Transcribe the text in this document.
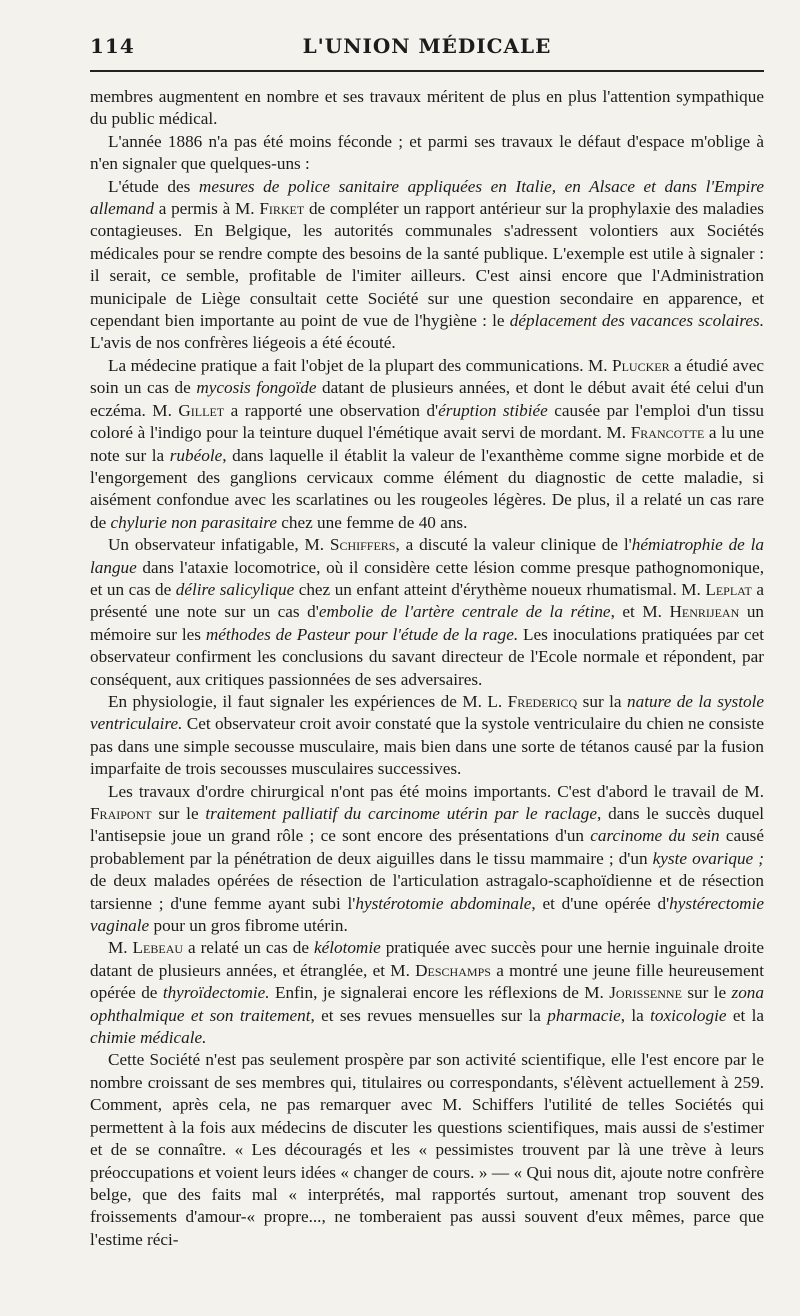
114	L'UNION MÉDICALE

membres augmentent en nombre et ses travaux méritent de plus en plus l'attention sympathique du public médical.

L'année 1886 n'a pas été moins féconde ; et parmi ses travaux le défaut d'espace m'oblige à n'en signaler que quelques-uns :

L'étude des mesures de police sanitaire appliquées en Italie, en Alsace et dans l'Empire allemand a permis à M. Firket de compléter un rapport antérieur sur la prophylaxie des maladies contagieuses. En Belgique, les autorités communales s'adressent volontiers aux Sociétés médicales pour se rendre compte des besoins de la santé publique. L'exemple est utile à signaler : il serait, ce semble, profitable de l'imiter ailleurs. C'est ainsi encore que l'Administration municipale de Liège consultait cette Société sur une question secondaire en apparence, et cependant bien importante au point de vue de l'hygiène : le déplacement des vacances scolaires. L'avis de nos confrères liégeois a été écouté.

La médecine pratique a fait l'objet de la plupart des communications. M. Plucker a étudié avec soin un cas de mycosis fongoïde datant de plusieurs années, et dont le début avait été celui d'un eczéma. M. Gillet a rapporté une observation d'éruption stibiée causée par l'emploi d'un tissu coloré à l'indigo pour la teinture duquel l'émétique avait servi de mordant. M. Francotte a lu une note sur la rubéole, dans laquelle il établit la valeur de l'exanthème comme signe morbide et de l'engorgement des ganglions cervicaux comme élément du diagnostic de cette maladie, si aisément confondue avec les scarlatines ou les rougeoles légères. De plus, il a relaté un cas rare de chylurie non parasitaire chez une femme de 40 ans.

Un observateur infatigable, M. Schiffers, a discuté la valeur clinique de l'hémiatrophie de la langue dans l'ataxie locomotrice, où il considère cette lésion comme presque pathognomonique, et un cas de délire salicylique chez un enfant atteint d'érythème noueux rhumatismal. M. Leplat a présenté une note sur un cas d'embolie de l'artère centrale de la rétine, et M. Henrijean un mémoire sur les méthodes de Pasteur pour l'étude de la rage. Les inoculations pratiquées par cet observateur confirment les conclusions du savant directeur de l'Ecole normale et répondent, par conséquent, aux critiques passionnées de ses adversaires.

En physiologie, il faut signaler les expériences de M. L. Fredericq sur la nature de la systole ventriculaire. Cet observateur croit avoir constaté que la systole ventriculaire du chien ne consiste pas dans une simple secousse musculaire, mais bien dans une sorte de tétanos causé par la fusion imparfaite de trois secousses musculaires successives.

Les travaux d'ordre chirurgical n'ont pas été moins importants. C'est d'abord le travail de M. Fraipont sur le traitement palliatif du carcinome utérin par le raclage, dans le succès duquel l'antisepsie joue un grand rôle ; ce sont encore des présentations d'un carcinome du sein causé probablement par la pénétration de deux aiguilles dans le tissu mammaire ; d'un kyste ovarique ; de deux malades opérées de résection de l'articulation astragalo-scaphoïdienne et de résection tarsienne ; d'une femme ayant subi l'hystérotomie abdominale, et d'une opérée d'hystérectomie vaginale pour un gros fibrome utérin.

M. Lebeau a relaté un cas de kélotomie pratiquée avec succès pour une hernie inguinale droite datant de plusieurs années, et étranglée, et M. Deschamps a montré une jeune fille heureusement opérée de thyroïdectomie. Enfin, je signalerai encore les réflexions de M. Jorissenne sur le zona ophthalmique et son traitement, et ses revues mensuelles sur la pharmacie, la toxicologie et la chimie médicale.

Cette Société n'est pas seulement prospère par son activité scientifique, elle l'est encore par le nombre croissant de ses membres qui, titulaires ou correspondants, s'élèvent actuellement à 259. Comment, après cela, ne pas remarquer avec M. Schiffers l'utilité de telles Sociétés qui permettent à la fois aux médecins de discuter les questions scientifiques, mais aussi de s'estimer et de se connaître. « Les découragés et les « pessimistes trouvent par là une trève à leurs préoccupations et voient leurs idées « changer de cours. » — « Qui nous dit, ajoute notre confrère belge, que des faits mal « interprétés, mal rapportés surtout, amenant trop souvent des froissements d'amour-« propre..., ne tomberaient pas aussi souvent d'eux mêmes, parce que l'estime réci-
